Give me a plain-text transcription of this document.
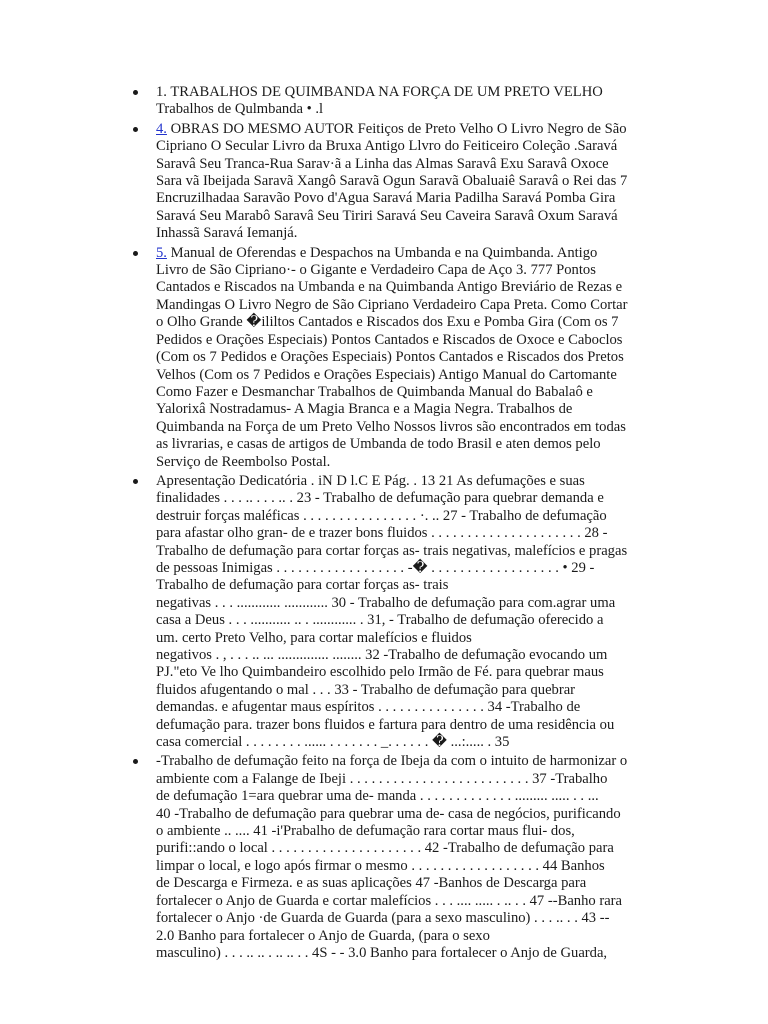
1. TRABALHOS DE QUIMBANDA NA FORÇA DE UM PRETO VELHO
Trabalhos de Qulmbanda • .l
4. OBRAS DO MESMO AUTOR Feitiços de Preto Velho O Livro Negro de São
Cipriano O Secular Livro da Bruxa Antigo Llvro do Feiticeiro Coleção .Saravá
Saravâ Seu Tranca-Rua Sarav·ã a Linha das Almas Saravâ Exu Saravâ Oxoce
Sara vã Ibeijada Saravã Xangô Saravã Ogun Saravã Obaluaiê Saravâ o Rei das 7
Encruzilhadaa Saravão Povo d'Agua Saravá Maria Padilha Saravá Pomba Gira
Saravá Seu Marabô Saravâ Seu Tiriri Saravá Seu Caveira Saravâ Oxum Saravá
Inhassã Saravá Iemanjá.
5. Manual de Oferendas e Despachos na Umbanda e na Quimbanda. Antigo
Livro de São Cipriano·- o Gigante e Verdadeiro Capa de Aço 3. 777 Pontos
Cantados e Riscados na Umbanda e na Quimbanda Antigo Breviário de Rezas e
Mandingas O Livro Negro de São Cipriano Verdadeiro Capa Preta. Como Cortar
o Olho Grande �ililtos Cantados e Riscados dos Exu e Pomba Gira (Com os 7
Pedidos e Orações Especiais) Pontos Cantados e Riscados de Oxoce e Caboclos
(Com os 7 Pedidos e Orações Especiais) Pontos Cantados e Riscados dos Pretos
Velhos (Com os 7 Pedidos e Orações Especiais) Antigo Manual do Cartomante
Como Fazer e Desmanchar Trabalhos de Quimbanda Manual do Babalaô e
Yalorixâ Nostradamus- A Magia Branca e a Magia Negra. Trabalhos de
Quimbanda na Força de um Preto Velho Nossos livros são encontrados em todas
as livrarias, e casas de artigos de Umbanda de todo Brasil e aten demos pelo
Serviço de Reembolso Postal.
Apresentação Dedicatória . iN D l.C E Pág. . 13 21 As defumações e suas
finalidades . . . .. . . . .. . 23 - Trabalho de defumação para quebrar demanda e
destruir forças maléficas . . . . . . . . . . . . . . . . ·. .. 27 - Trabalho de defumação
para afastar olho gran- de e trazer bons fluidos . . . . . . . . . . . . . . . . . . . . . 28 -
Trabalho de defumação para cortar forças as- trais negativas, malefícios e pragas
de pessoas Inimigas . . . . . . . . . . . . . . . . . . -� . . . . . . . . . . . . . . . . . . • 29 -
Trabalho de defumação para cortar forças as- trais
negativas . . . ............ ............ 30 - Trabalho de defumação para com.agrar uma
casa a Deus . . . ........... .. . ............ . 31, - Trabalho de defumação oferecido a
um. certo Preto Velho, para cortar malefícios e fluidos
negativos . , . . . .. ... .............. ........ 32 -Trabalho de defumação evocando um
PJ."eto Ve lho Quimbandeiro escolhido pelo Irmão de Fé. para quebrar maus
fluidos afugentando o mal . . . 33 - Trabalho de defumação para quebrar
demandas. e afugentar maus espíritos . . . . . . . . . . . . . . . 34 -Trabalho de
defumação para. trazer bons fluidos e fartura para dentro de uma residência ou
casa comercial . . . . . . . . ...... . . . . . . . _. . . . . . � ...:..... . 35
-Trabalho de defumação feito na força de Ibeja da com o intuito de harmonizar o
ambiente com a Falange de Ibeji . . . . . . . . . . . . . . . . . . . . . . . . . 37 -Trabalho
de defumação 1=ara quebrar uma de- manda . . . . . . . . . . . . . ......... ..... . . ...
40 -Trabalho de defumação para quebrar uma de- casa de negócios, purificando
o ambiente .. .... 41 -i'Prabalho de defumação rara cortar maus flui- dos,
purifi::ando o local . . . . . . . . . . . . . . . . . . . . . 42 -Trabalho de defumação para
limpar o local, e logo após firmar o mesmo . . . . . . . . . . . . . . . . . . 44 Banhos
de Descarga e Firmeza. e as suas aplicações 47 -Banhos de Descarga para
fortalecer o Anjo de Guarda e cortar malefícios . . . .... ..... . .. . . 47 --Banho rara
fortalecer o Anjo ·de Guarda de Guarda (para a sexo masculino) . . . .. . . 43 --
2.0 Banho para fortalecer o Anjo de Guarda, (para o sexo
masculino) . . . .. .. . .. .. . . 4S - - 3.0 Banho para fortalecer o Anjo de Guarda,
